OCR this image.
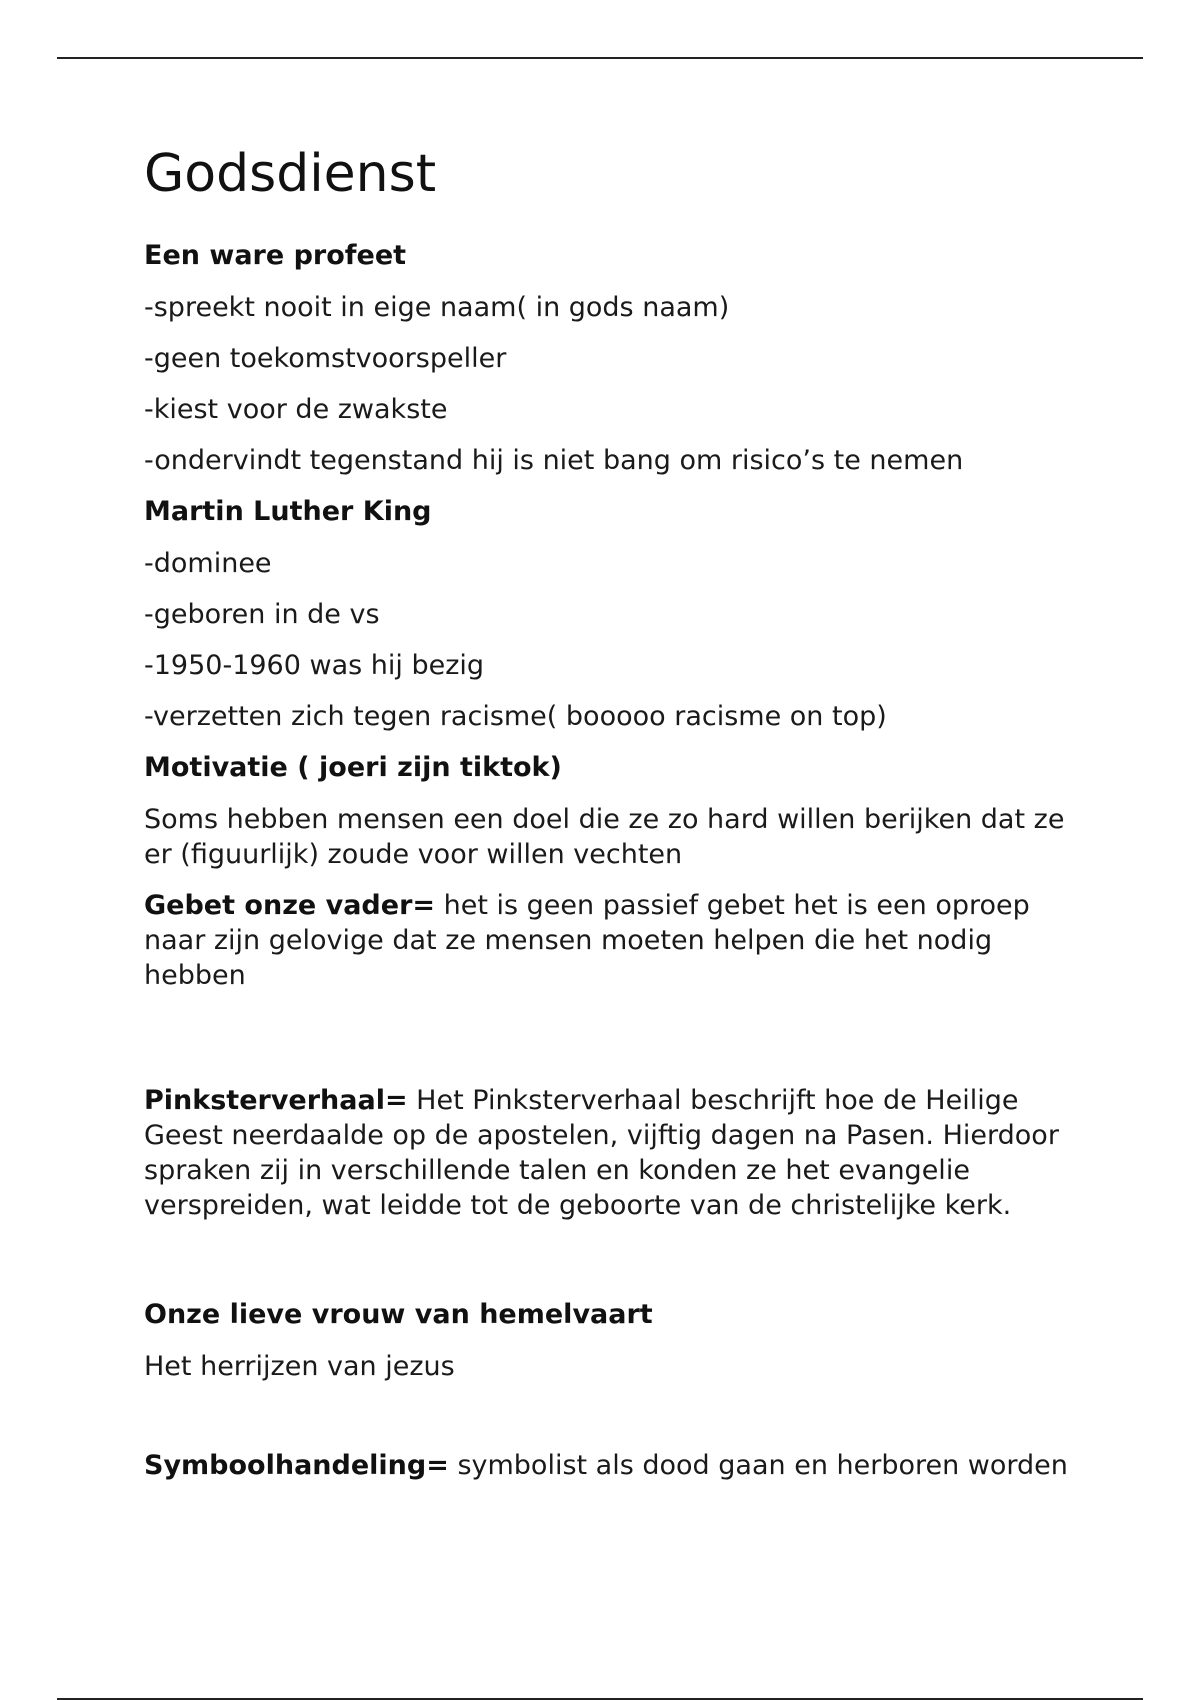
Godsdienst
Een ware profeet
-spreekt nooit in eige naam( in gods naam)
-geen toekomstvoorspeller
-kiest voor de zwakste
-ondervindt tegenstand hij is niet bang om risico’s te nemen
Martin Luther King
-dominee
-geboren in de vs
-1950-1960 was hij bezig
-verzetten zich tegen racisme( booooo racisme on top)
Motivatie ( joeri zijn tiktok)
Soms hebben mensen een doel die ze zo hard willen berijken dat ze er (figuurlijk) zoude voor willen vechten
Gebet onze vader= het is geen passief gebet het is een oproep naar zijn gelovige dat ze mensen moeten helpen die het nodig hebben
Pinksterverhaal= Het Pinksterverhaal beschrijft hoe de Heilige Geest neerdaalde op de apostelen, vijftig dagen na Pasen. Hierdoor spraken zij in verschillende talen en konden ze het evangelie verspreiden, wat leidde tot de geboorte van de christelijke kerk.
Onze lieve vrouw van hemelvaart
Het herrijzen van jezus
Symboolhandeling= symbolist als dood gaan en herboren worden
